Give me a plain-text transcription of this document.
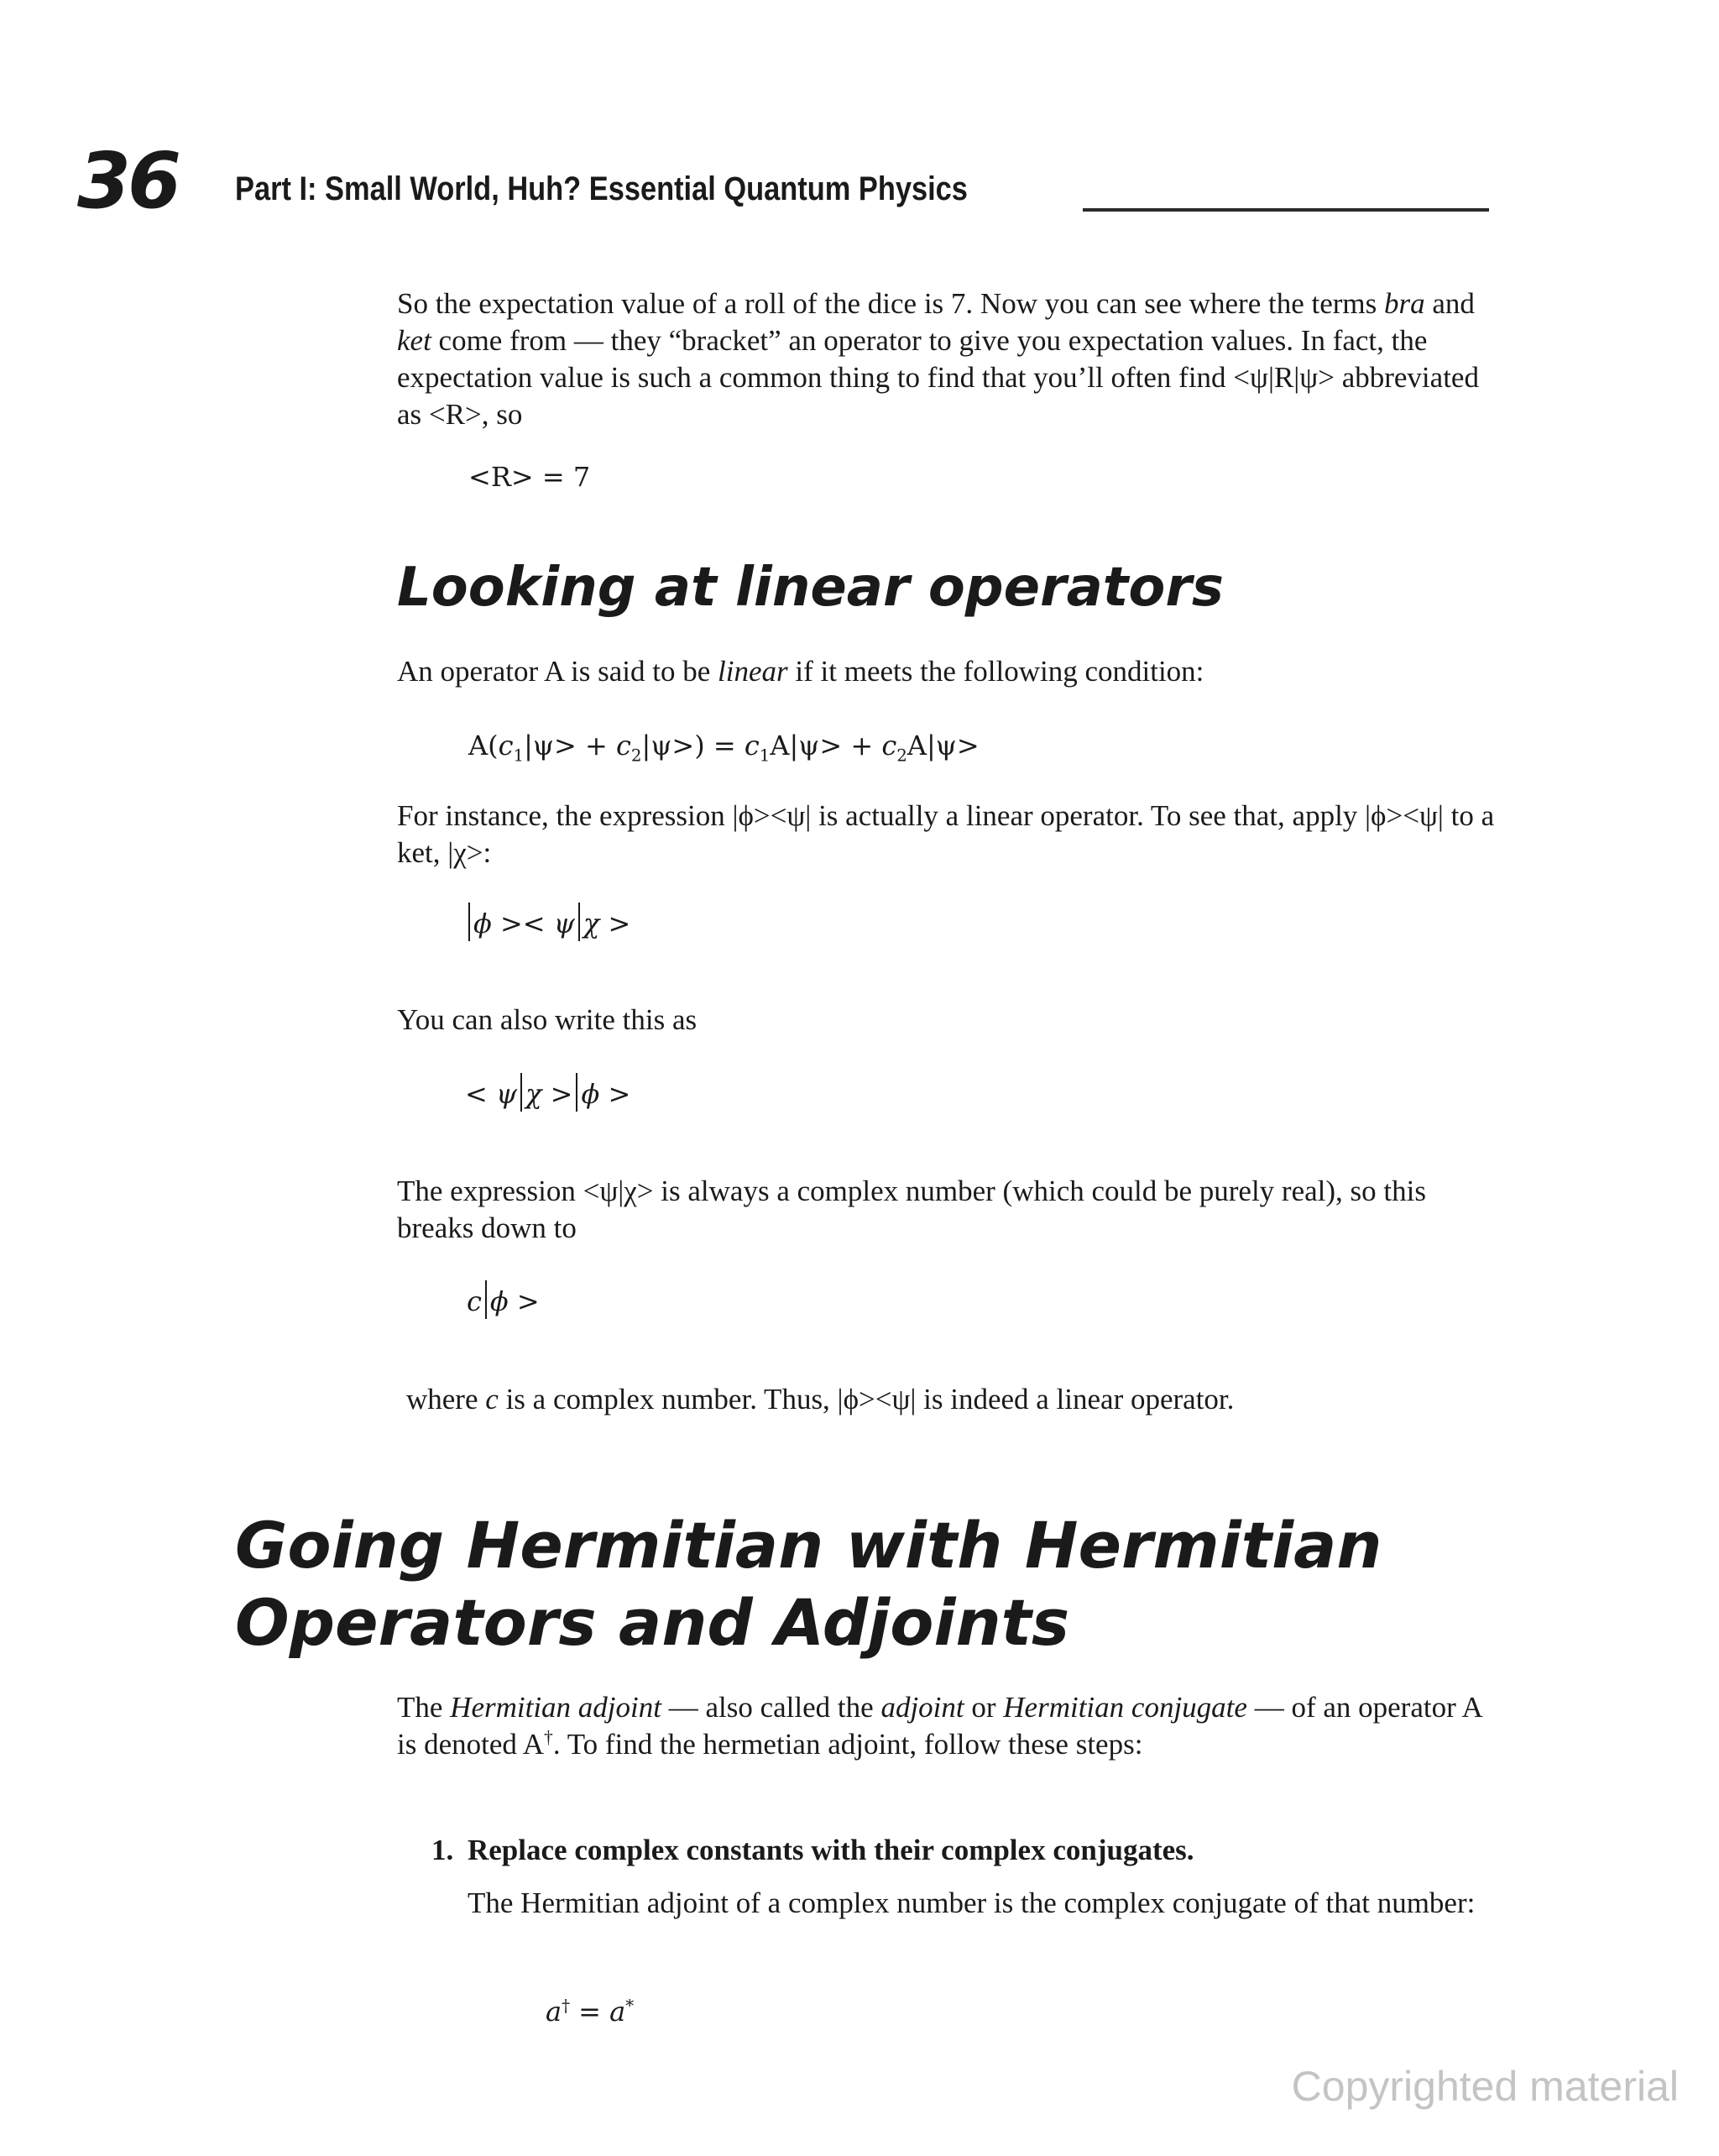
36 Part I: Small World, Huh? Essential Quantum Physics

So the expectation value of a roll of the dice is 7. Now you can see where the terms bra and ket come from — they “bracket” an operator to give you expectation values. In fact, the expectation value is such a common thing to find that you’ll often find <ψ|R|ψ> abbreviated as <R>, so

<R> = 7
Looking at linear operators

An operator A is said to be linear if it meets the following condition:

$A(c_1|\psi> + c_2|\psi>) = c_1A|\psi> + c_2A|\psi>$

For instance, the expression |ϕ><ψ| is actually a linear operator. To see that, apply |ϕ><ψ| to a ket, |χ>:

ϕ >< ψ χ >

You can also write this as

< ψ χ > ϕ >

The expression <ψ|χ> is always a complex number (which could be purely real), so this breaks down to

c ϕ >

where c is a complex number. Thus, |ϕ><ψ| is indeed a linear operator.

Going Hermitian with Hermitian
Operators and Adjoints

The Hermitian adjoint — also called the adjoint or Hermitian conjugate — of an operator A is denoted A†. To find the hermetian adjoint, follow these steps:

1. Replace complex constants with their complex conjugates.

The Hermitian adjoint of a complex number is the complex conjugate of that number:

a† = a*
Copyrighted material
